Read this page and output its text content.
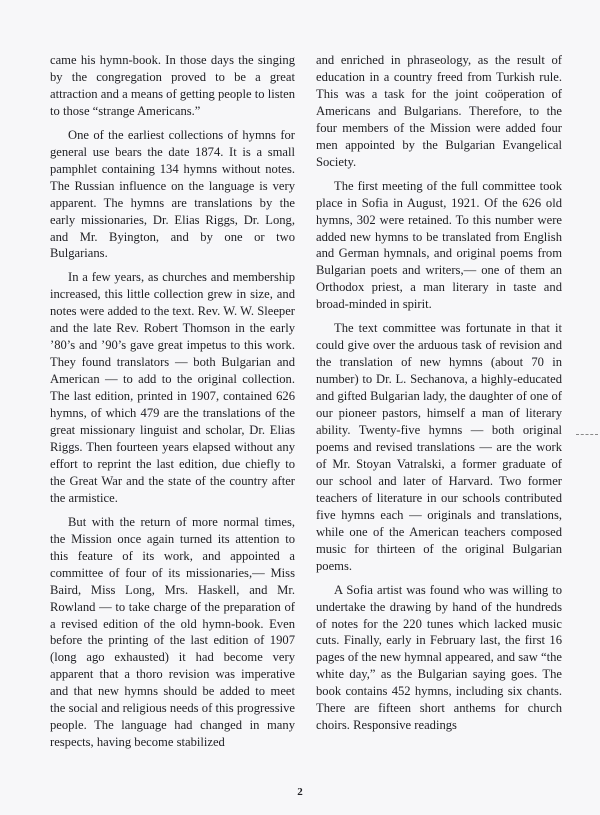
came his hymn-book. In those days the singing by the congregation proved to be a great attraction and a means of getting people to listen to those “strange Americans.”

One of the earliest collections of hymns for general use bears the date 1874. It is a small pamphlet containing 134 hymns without notes. The Russian influence on the language is very apparent. The hymns are translations by the early missionaries, Dr. Elias Riggs, Dr. Long, and Mr. Byington, and by one or two Bulgarians.

In a few years, as churches and membership increased, this little collection grew in size, and notes were added to the text. Rev. W. W. Sleeper and the late Rev. Robert Thomson in the early ’80’s and ’90’s gave great impetus to this work. They found translators — both Bulgarian and American — to add to the original collection. The last edition, printed in 1907, contained 626 hymns, of which 479 are the translations of the great missionary linguist and scholar, Dr. Elias Riggs. Then fourteen years elapsed without any effort to reprint the last edition, due chiefly to the Great War and the state of the country after the armistice.

But with the return of more normal times, the Mission once again turned its attention to this feature of its work, and appointed a committee of four of its missionaries,— Miss Baird, Miss Long, Mrs. Haskell, and Mr. Rowland — to take charge of the preparation of a revised edition of the old hymn-book. Even before the printing of the last edition of 1907 (long ago exhausted) it had become very apparent that a thoro revision was imperative and that new hymns should be added to meet the social and religious needs of this progressive people. The language had changed in many respects, having become stabilized

and enriched in phraseology, as the result of education in a country freed from Turkish rule. This was a task for the joint coöperation of Americans and Bulgarians. Therefore, to the four members of the Mission were added four men appointed by the Bulgarian Evangelical Society.

The first meeting of the full committee took place in Sofia in August, 1921. Of the 626 old hymns, 302 were retained. To this number were added new hymns to be translated from English and German hymnals, and original poems from Bulgarian poets and writers,— one of them an Orthodox priest, a man literary in taste and broad-minded in spirit.

The text committee was fortunate in that it could give over the arduous task of revision and the translation of new hymns (about 70 in number) to Dr. L. Sechanova, a highly-educated and gifted Bulgarian lady, the daughter of one of our pioneer pastors, himself a man of literary ability. Twenty-five hymns — both original poems and revised translations — are the work of Mr. Stoyan Vatralski, a former graduate of our school and later of Harvard. Two former teachers of literature in our schools contributed five hymns each — originals and translations, while one of the American teachers composed music for thirteen of the original Bulgarian poems.

A Sofia artist was found who was willing to undertake the drawing by hand of the hundreds of notes for the 220 tunes which lacked music cuts. Finally, early in February last, the first 16 pages of the new hymnal appeared, and saw “the white day,” as the Bulgarian saying goes. The book contains 452 hymns, including six chants. There are fifteen short anthems for church choirs. Responsive readings

2
